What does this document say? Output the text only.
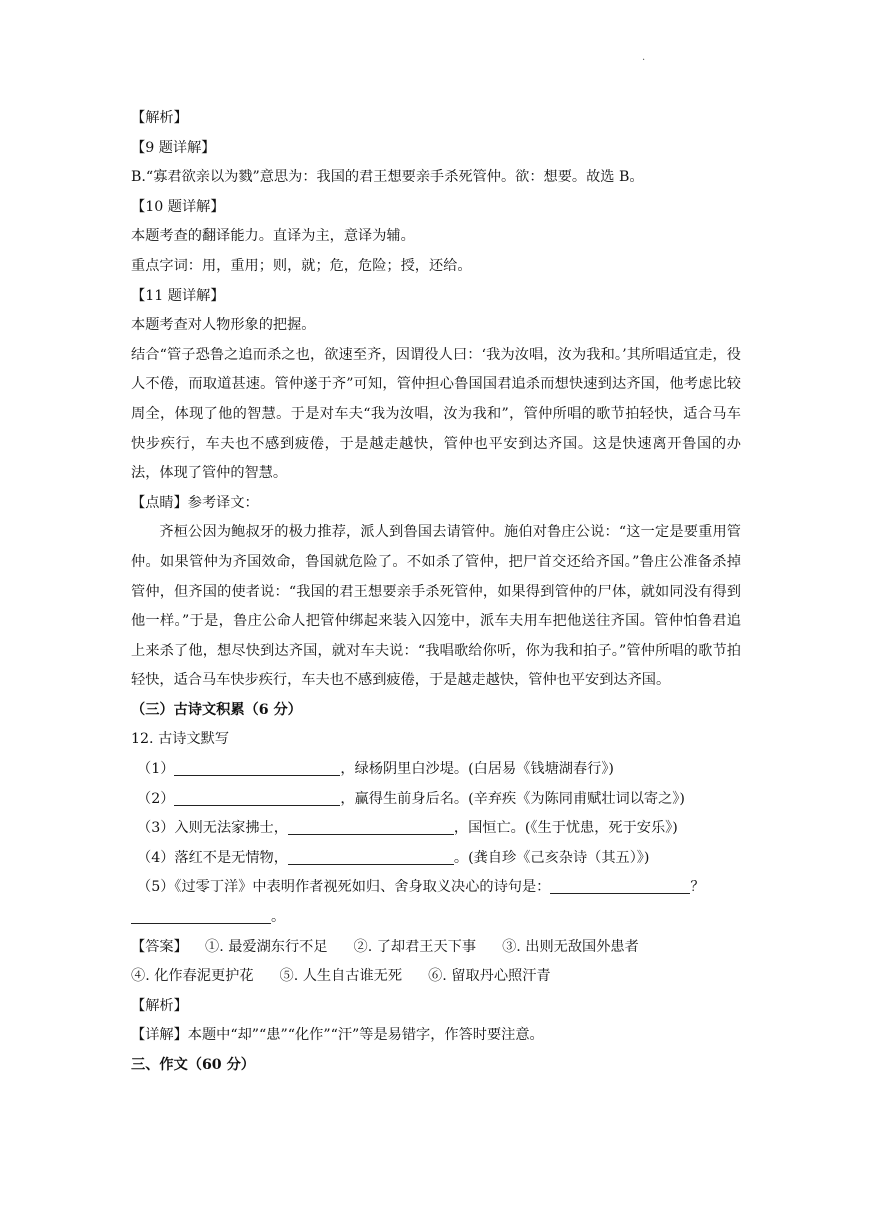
.

【解析】

【9 题详解】

B.“寡君欲亲以为戮”意思为：我国的君王想要亲手杀死管仲。欲：想要。故选 B。

【10 题详解】

本题考查的翻译能力。直译为主，意译为辅。

重点字词：用，重用；则，就；危，危险；授，还给。

【11 题详解】

本题考查对人物形象的把握。

结合“管子恐鲁之追而杀之也，欲速至齐，因谓役人曰：‘我为汝唱，汝为我和。’其所唱适宜走，役人不倦，而取道甚速。管仲遂于齐”可知，管仲担心鲁国国君追杀而想快速到达齐国，他考虑比较周全，体现了他的智慧。于是对车夫“我为汝唱，汝为我和”，管仲所唱的歌节拍轻快，适合马车快步疾行，车夫也不感到疲倦，于是越走越快，管仲也平安到达齐国。这是快速离开鲁国的办法，体现了管仲的智慧。

【点睛】参考译文：

齐桓公因为鲍叔牙的极力推荐，派人到鲁国去请管仲。施伯对鲁庄公说：“这一定是要重用管仲。如果管仲为齐国效命，鲁国就危险了。不如杀了管仲，把尸首交还给齐国。”鲁庄公准备杀掉管仲，但齐国的使者说：“我国的君王想要亲手杀死管仲，如果得到管仲的尸体，就如同没有得到他一样。”于是，鲁庄公命人把管仲绑起来装入囚笼中，派车夫用车把他送往齐国。管仲怕鲁君追上来杀了他，想尽快到达齐国，就对车夫说：“我唱歌给你听，你为我和拍子。”管仲所唱的歌节拍轻快，适合马车快步疾行，车夫也不感到疲倦，于是越走越快，管仲也平安到达齐国。

（三）古诗文积累（6 分）

12. 古诗文默写

（1）	，绿杨阴里白沙堤。(白居易《钱塘湖春行》)

（2）	，赢得生前身后名。(辛弃疾《为陈同甫赋壮词以寄之》)

（3）入则无法家拂士，	，国恒亡。(《生于忧患，死于安乐》)

（4）落红不是无情物，	。(龚自珍《己亥杂诗（其五）》)

（5）《过零丁洋》中表明作者视死如归、舍身取义决心的诗句是：	？

。

【答案】 ①. 最爱湖东行不足 ②. 了却君王天下事 ③. 出则无敌国外患者

④. 化作春泥更护花 ⑤. 人生自古谁无死 ⑥. 留取丹心照汗青

【解析】

【详解】本题中“却”“患”“化作”“汗”等是易错字，作答时要注意。

三、作文（60 分）
